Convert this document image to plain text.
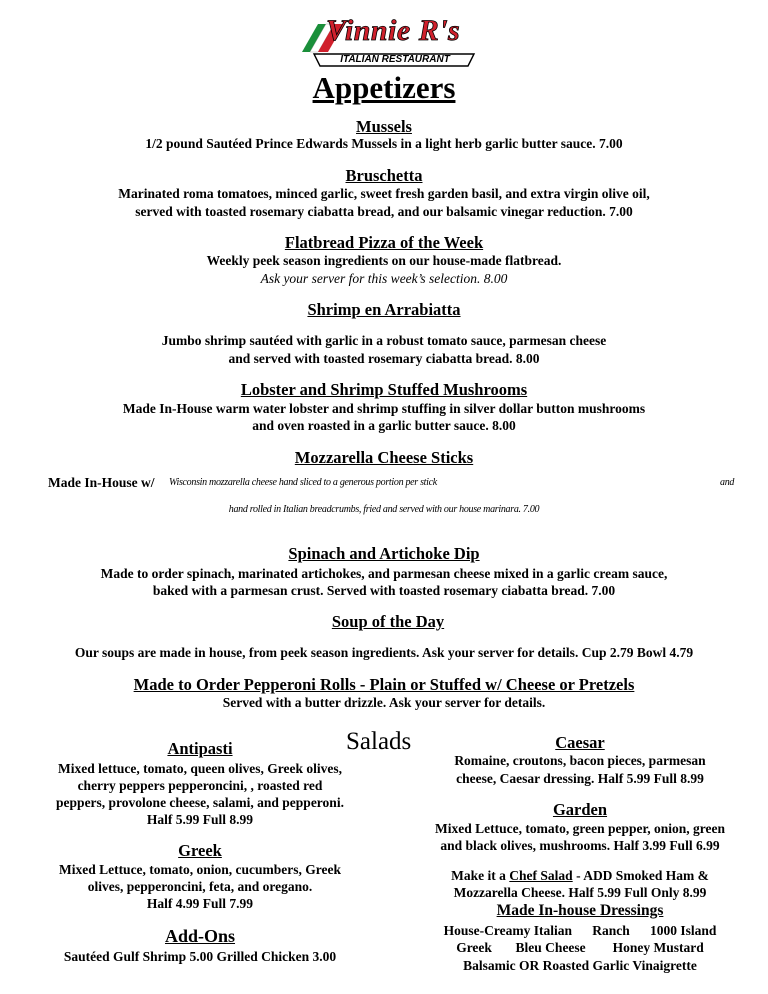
Vinnie R's
ITALIAN RESTAURANT
Appetizers
Mussels
1/2 pound Sautéed Prince Edwards Mussels in a light herb garlic butter sauce. 7.00
Bruschetta
Marinated roma tomatoes, minced garlic, sweet fresh garden basil, and extra virgin olive oil,
served with toasted rosemary ciabatta bread, and our balsamic vinegar reduction. 7.00
Flatbread Pizza of the Week
Weekly peek season ingredients on our house-made flatbread.
Ask your server for this week’s selection. 8.00
Shrimp en Arrabiatta
Jumbo shrimp sautéed with garlic in a robust tomato sauce, parmesan cheese
and served with toasted rosemary ciabatta bread. 8.00
Lobster and Shrimp Stuffed Mushrooms
Made In-House warm water lobster and shrimp stuffing in silver dollar button mushrooms
and oven roasted in a garlic butter sauce. 8.00
Mozzarella Cheese Sticks
Made In-House w/ Wisconsin mozzarella cheese hand sliced to a generous portion per stick	and
hand rolled in Italian breadcrumbs, fried and served with our house marinara. 7.00
Spinach and Artichoke Dip
Made to order spinach, marinated artichokes, and parmesan cheese mixed in a garlic cream sauce,
baked with a parmesan crust. Served with toasted rosemary ciabatta bread. 7.00
Soup of the Day
Our soups are made in house, from peek season ingredients. Ask your server for details. Cup 2.79 Bowl 4.79
Made to Order Pepperoni Rolls - Plain or Stuffed w/ Cheese or Pretzels
Served with a butter drizzle. Ask your server for details.
Salads
Antipasti
Mixed lettuce, tomato, queen olives, Greek olives,
cherry peppers pepperoncini, , roasted red
peppers, provolone cheese, salami, and pepperoni.
Half 5.99 Full 8.99
Greek
Mixed Lettuce, tomato, onion, cucumbers, Greek
olives, pepperoncini, feta, and oregano.
Half 4.99 Full 7.99
Add-Ons
Sautéed Gulf Shrimp 5.00 Grilled Chicken 3.00
Caesar
Romaine, croutons, bacon pieces, parmesan
cheese, Caesar dressing. Half 5.99 Full 8.99
Garden
Mixed Lettuce, tomato, green pepper, onion, green
and black olives, mushrooms. Half 3.99 Full 6.99
Make it a Chef Salad - ADD Smoked Ham &
Mozzarella Cheese. Half 5.99 Full Only 8.99
Made In-house Dressings
House-Creamy Italian      Ranch      1000 Island
Greek       Bleu Cheese        Honey Mustard
Balsamic OR Roasted Garlic Vinaigrette
